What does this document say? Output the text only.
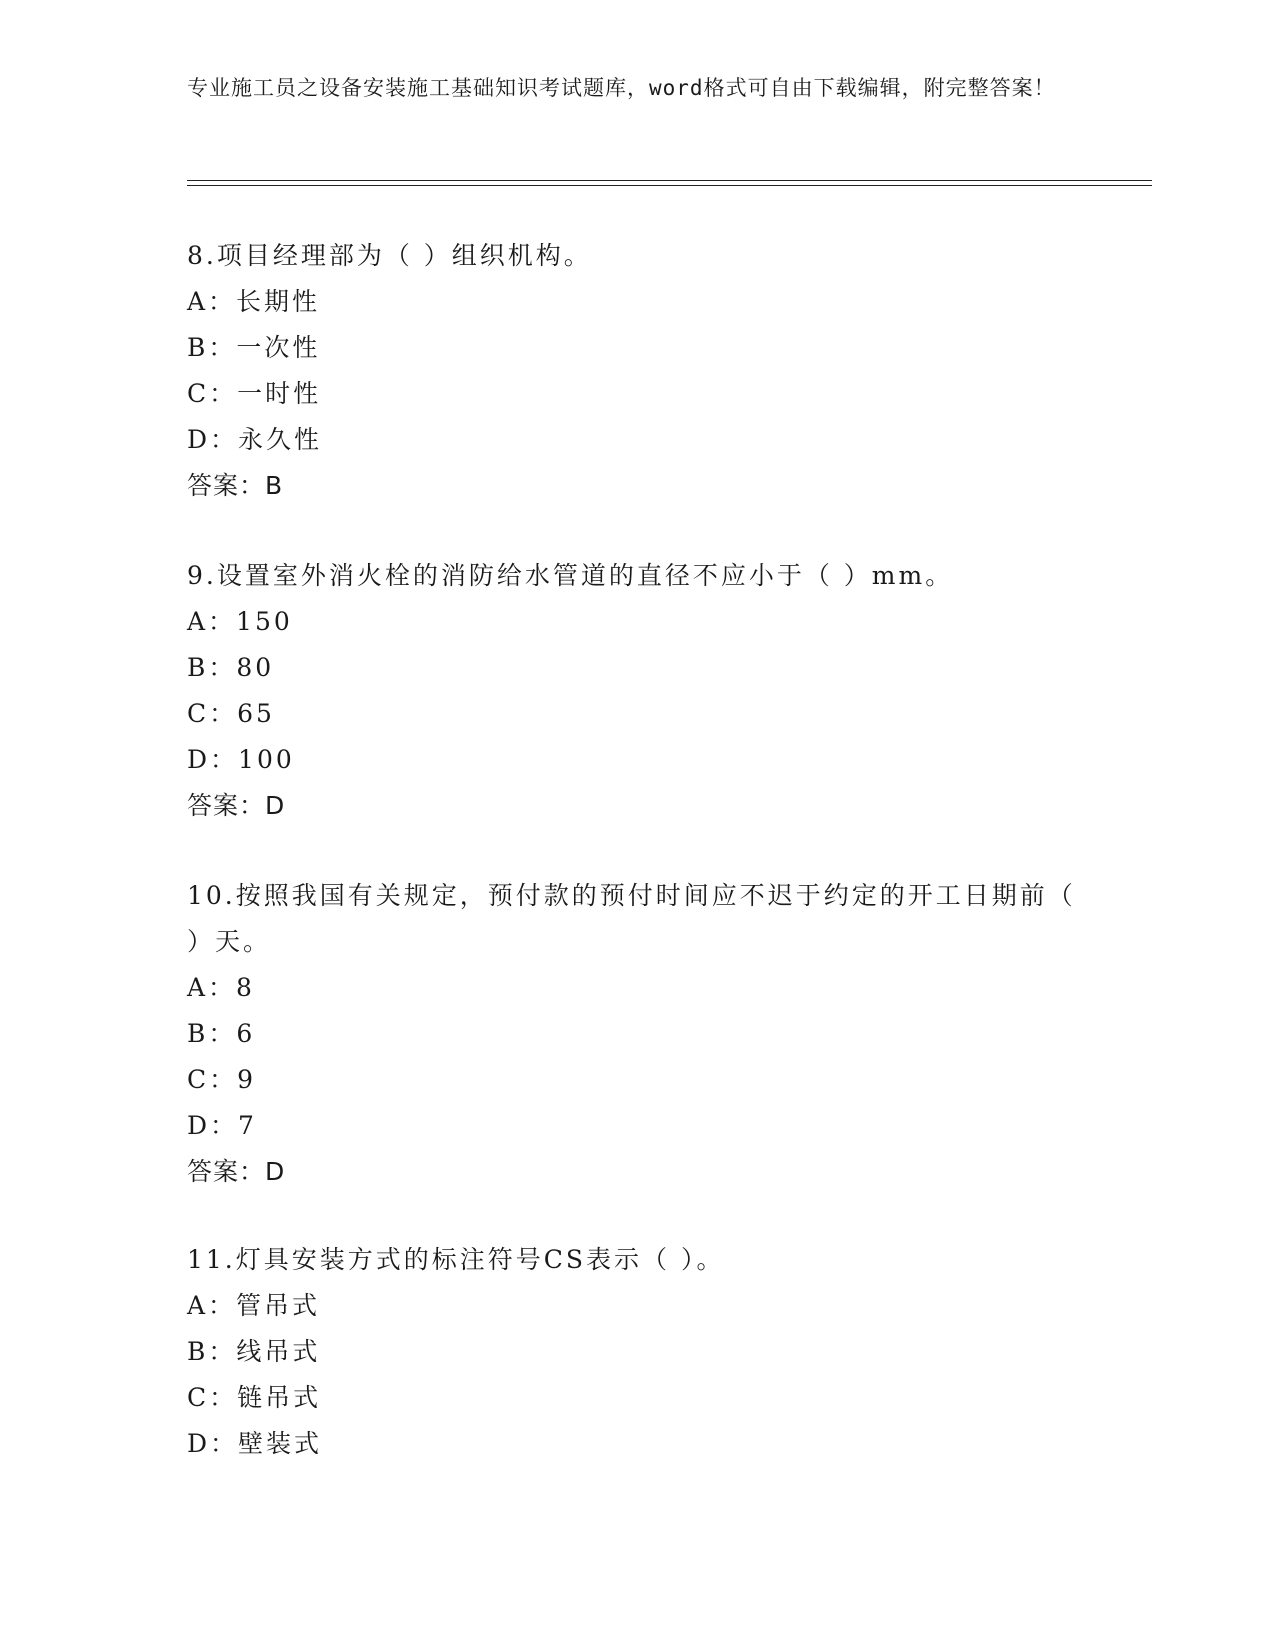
专业施工员之设备安装施工基础知识考试题库，word格式可自由下载编辑，附完整答案！
8.项目经理部为（ ）组织机构。
A：长期性
B：一次性
C：一时性
D：永久性
答案：B
9.设置室外消火栓的消防给水管道的直径不应小于（ ）mm。
A：150
B：80
C：65
D：100
答案：D
10.按照我国有关规定，预付款的预付时间应不迟于约定的开工日期前（ ）天。
A：8
B：6
C：9
D：7
答案：D
11.灯具安装方式的标注符号CS表示（ ）。
A：管吊式
B：线吊式
C：链吊式
D：壁装式
